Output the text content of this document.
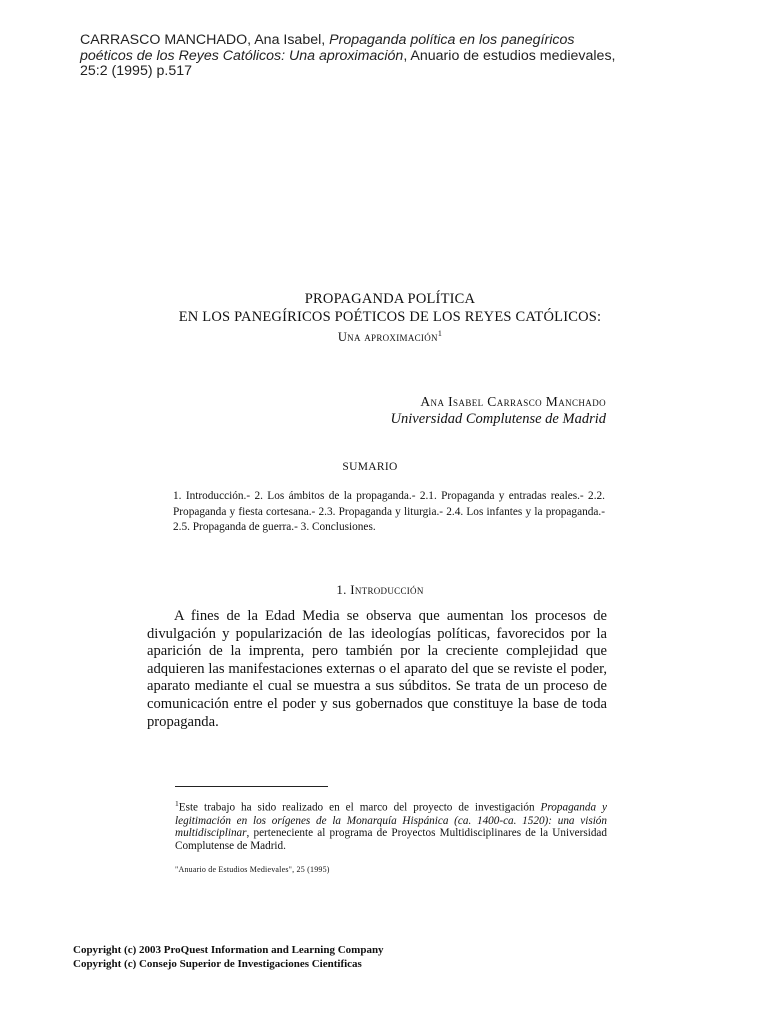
CARRASCO MANCHADO, Ana Isabel, Propaganda política en los panegíricos
poéticos de los Reyes Católicos: Una aproximación, Anuario de estudios medievales,
25:2 (1995) p.517
PROPAGANDA POLÍTICA
EN LOS PANEGÍRICOS POÉTICOS DE LOS REYES CATÓLICOS:
Una aproximación$^1$
Ana Isabel Carrasco Manchado
Universidad Complutense de Madrid
SUMARIO
1. Introducción.- 2. Los ámbitos de la propaganda.- 2.1. Propaganda y entradas reales.- 2.2. Propaganda y fiesta cortesana.- 2.3. Propaganda y liturgia.- 2.4. Los infantes y la propaganda.- 2.5. Propaganda de guerra.- 3. Conclusiones.
1. Introducción
A fines de la Edad Media se observa que aumentan los procesos de divulgación y popularización de las ideologías políticas, favorecidos por la aparición de la imprenta, pero también por la creciente complejidad que adquieren las manifestaciones externas o el aparato del que se reviste el poder, aparato mediante el cual se muestra a sus súbditos. Se trata de un proceso de comunicación entre el poder y sus gobernados que constituye la base de toda propaganda.
$^1$Este trabajo ha sido realizado en el marco del proyecto de investigación Propaganda y legitimación en los orígenes de la Monarquía Hispánica (ca. 1400-ca. 1520): una visión multidisciplinar, perteneciente al programa de Proyectos Multidisciplinares de la Universidad Complutense de Madrid.
"Anuario de Estudios Medievales", 25 (1995)
Copyright (c) 2003 ProQuest Information and Learning Company
Copyright (c) Consejo Superior de Investigaciones Cientificas
